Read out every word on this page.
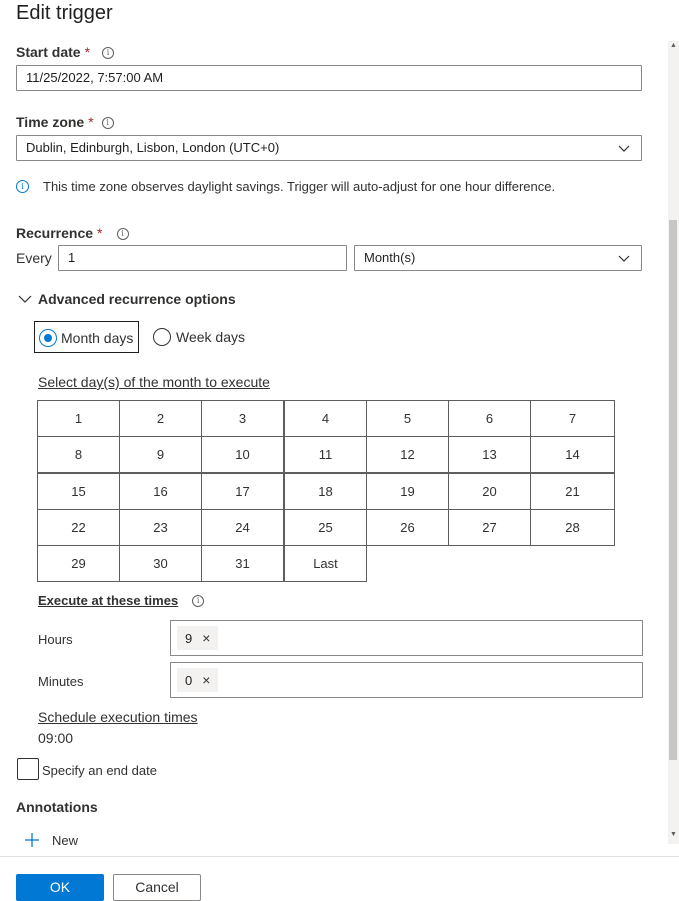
Edit trigger
Start date * i
11/25/2022, 7:57:00 AM
Time zone * i
Dublin, Edinburgh, Lisbon, London (UTC+0)
i	This time zone observes daylight savings. Trigger will auto-adjust for one hour difference.
Recurrence * i
Every	1	Month(s)
Advanced recurrence options
Month days	Week days
Select day(s) of the month to execute
1	2	3	4	5	6	7
8	9	10	11	12	13	14
15	16	17	18	19	20	21
22	23	24	25	26	27	28
29	30	31	Last
Execute at these times i
Hours	9 ×
Minutes	0 ×
Schedule execution times
09:00
Specify an end date
Annotations
New
▲
▼
OK	Cancel
